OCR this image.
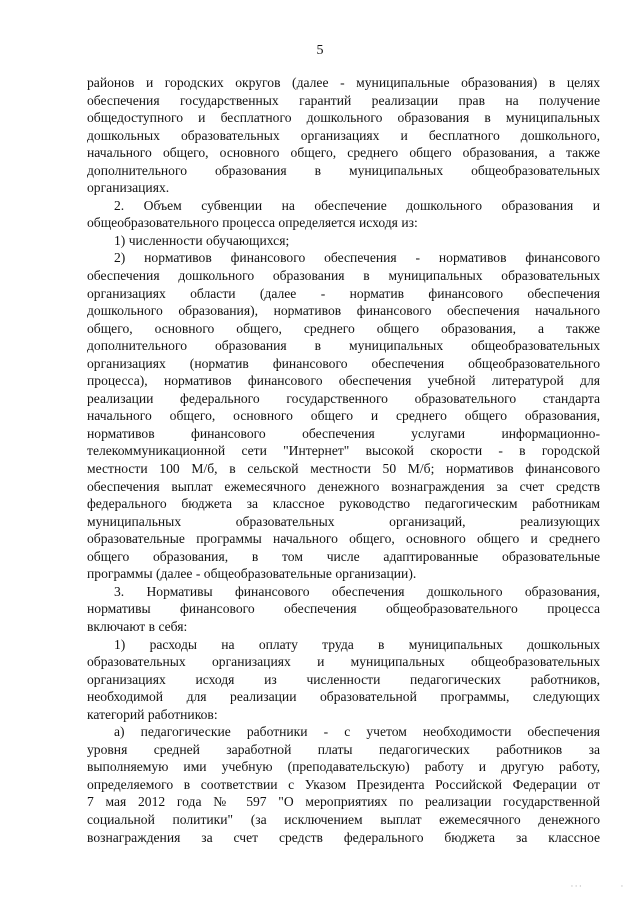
5
районов и городских округов (далее - муниципальные образования) в целях
обеспечения государственных гарантий реализации прав на получение
общедоступного и бесплатного дошкольного образования в муниципальных
дошкольных образовательных организациях и бесплатного дошкольного,
начального общего, основного общего, среднего общего образования, а также
дополнительного образования в муниципальных общеобразовательных
организациях.
2. Объем субвенции на обеспечение дошкольного образования и
общеобразовательного процесса определяется исходя из:
1) численности обучающихся;
2) нормативов финансового обеспечения - нормативов финансового
обеспечения дошкольного образования в муниципальных образовательных
организациях области (далее - норматив финансового обеспечения
дошкольного образования), нормативов финансового обеспечения начального
общего, основного общего, среднего общего образования, а также
дополнительного образования в муниципальных общеобразовательных
организациях (норматив финансового обеспечения общеобразовательного
процесса), нормативов финансового обеспечения учебной литературой для
реализации федерального государственного образовательного стандарта
начального общего, основного общего и среднего общего образования,
нормативов финансового обеспечения услугами информационно-
телекоммуникационной сети "Интернет" высокой скорости - в городской
местности 100 М/б, в сельской местности 50 М/б; нормативов финансового
обеспечения выплат ежемесячного денежного вознаграждения за счет средств
федерального бюджета за классное руководство педагогическим работникам
муниципальных образовательных организаций, реализующих
образовательные программы начального общего, основного общего и среднего
общего образования, в том числе адаптированные образовательные
программы (далее - общеобразовательные организации).
3. Нормативы финансового обеспечения дошкольного образования,
нормативы финансового обеспечения общеобразовательного процесса
включают в себя:
1) расходы на оплату труда в муниципальных дошкольных
образовательных организациях и муниципальных общеобразовательных
организациях исходя из численности педагогических работников,
необходимой для реализации образовательной программы, следующих
категорий работников:
а) педагогические работники - с учетом необходимости обеспечения
уровня средней заработной платы педагогических работников за
выполняемую ими учебную (преподавательскую) работу и другую работу,
определяемого в соответствии с Указом Президента Российской Федерации от
7 мая 2012 года № 597 "О мероприятиях по реализации государственной
социальной политики" (за исключением выплат ежемесячного денежного
вознаграждения за счет средств федерального бюджета за классное
' ' '	'
